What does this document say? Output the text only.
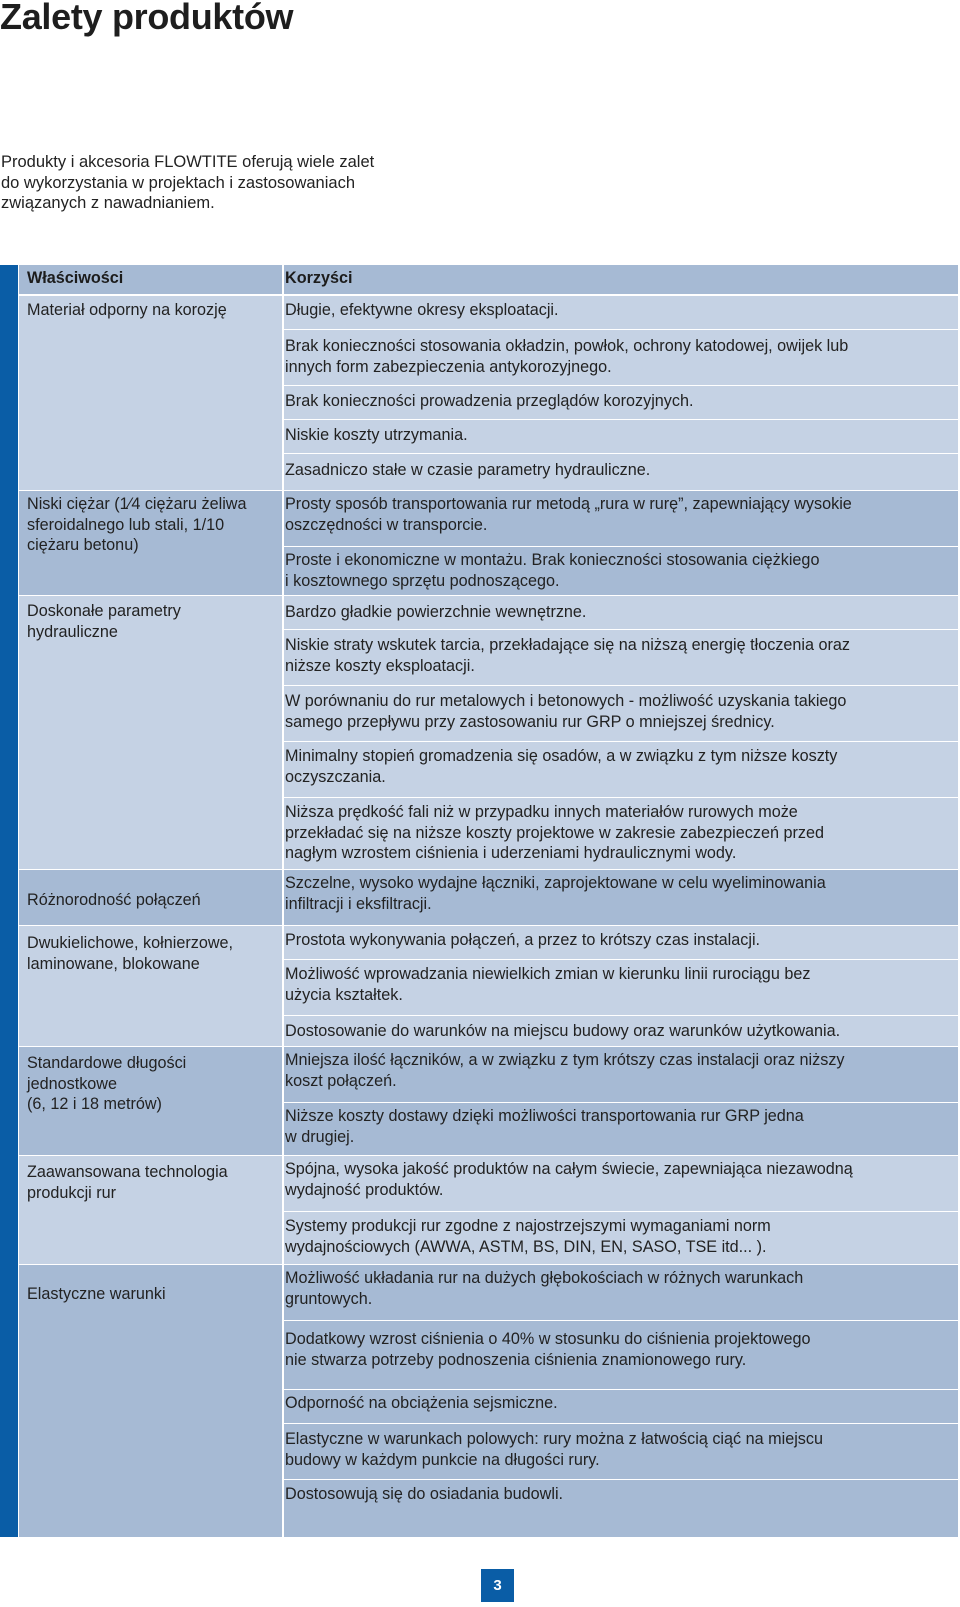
Zalety produktów
Produkty i akcesoria FLOWTITE oferują wiele zalet
do wykorzystania w projektach i zastosowaniach
związanych z nawadnianiem.
Właściwości
Materiał odporny na korozję
Niski ciężar (1⁄4 ciężaru żeliwa
sferoidalnego lub stali, 1/10
ciężaru betonu)
Doskonałe parametry
hydrauliczne
Różnorodność połączeń
Dwukielichowe, kołnierzowe,
laminowane, blokowane
Standardowe długości
jednostkowe
(6, 12 i 18 metrów)
Zaawansowana technologia
produkcji rur
Elastyczne warunki
Korzyści
Długie, efektywne okresy eksploatacji.
Brak konieczności stosowania okładzin, powłok, ochrony katodowej, owijek lub
innych form zabezpieczenia antykorozyjnego.
Brak konieczności prowadzenia przeglądów korozyjnych.
Niskie koszty utrzymania.
Zasadniczo stałe w czasie parametry hydrauliczne.
Prosty sposób transportowania rur metodą „rura w rurę”, zapewniający wysokie
oszczędności w transporcie.
Proste i ekonomiczne w montażu. Brak konieczności stosowania ciężkiego
i kosztownego sprzętu podnoszącego.
Bardzo gładkie powierzchnie wewnętrzne.
Niskie straty wskutek tarcia, przekładające się na niższą energię tłoczenia oraz
niższe koszty eksploatacji.
W porównaniu do rur metalowych i betonowych - możliwość uzyskania takiego
samego przepływu przy zastosowaniu rur GRP o mniejszej średnicy.
Minimalny stopień gromadzenia się osadów, a w związku z tym niższe koszty
oczyszczania.
Niższa prędkość fali niż w przypadku innych materiałów rurowych może
przekładać się na niższe koszty projektowe w zakresie zabezpieczeń przed
nagłym wzrostem ciśnienia i uderzeniami hydraulicznymi wody.
Szczelne, wysoko wydajne łączniki, zaprojektowane w celu wyeliminowania
infiltracji i eksfiltracji.
Prostota wykonywania połączeń, a przez to krótszy czas instalacji.
Możliwość wprowadzania niewielkich zmian w kierunku linii rurociągu bez
użycia kształtek.
Dostosowanie do warunków na miejscu budowy oraz warunków użytkowania.
Mniejsza ilość łączników, a w związku z tym krótszy czas instalacji oraz niższy
koszt połączeń.
Niższe koszty dostawy dzięki możliwości transportowania rur GRP jedna
w drugiej.
Spójna, wysoka jakość produktów na całym świecie, zapewniająca niezawodną
wydajność produktów.
Systemy produkcji rur zgodne z najostrzejszymi wymaganiami norm
wydajnościowych (AWWA, ASTM, BS, DIN, EN, SASO, TSE itd... ).
Możliwość układania rur na dużych głębokościach w różnych warunkach
gruntowych.
Dodatkowy wzrost ciśnienia o 40% w stosunku do ciśnienia projektowego
nie stwarza potrzeby podnoszenia ciśnienia znamionowego rury.
Odporność na obciążenia sejsmiczne.
Elastyczne w warunkach polowych: rury można z łatwością ciąć na miejscu
budowy w każdym punkcie na długości rury.
Dostosowują się do osiadania budowli.
3
